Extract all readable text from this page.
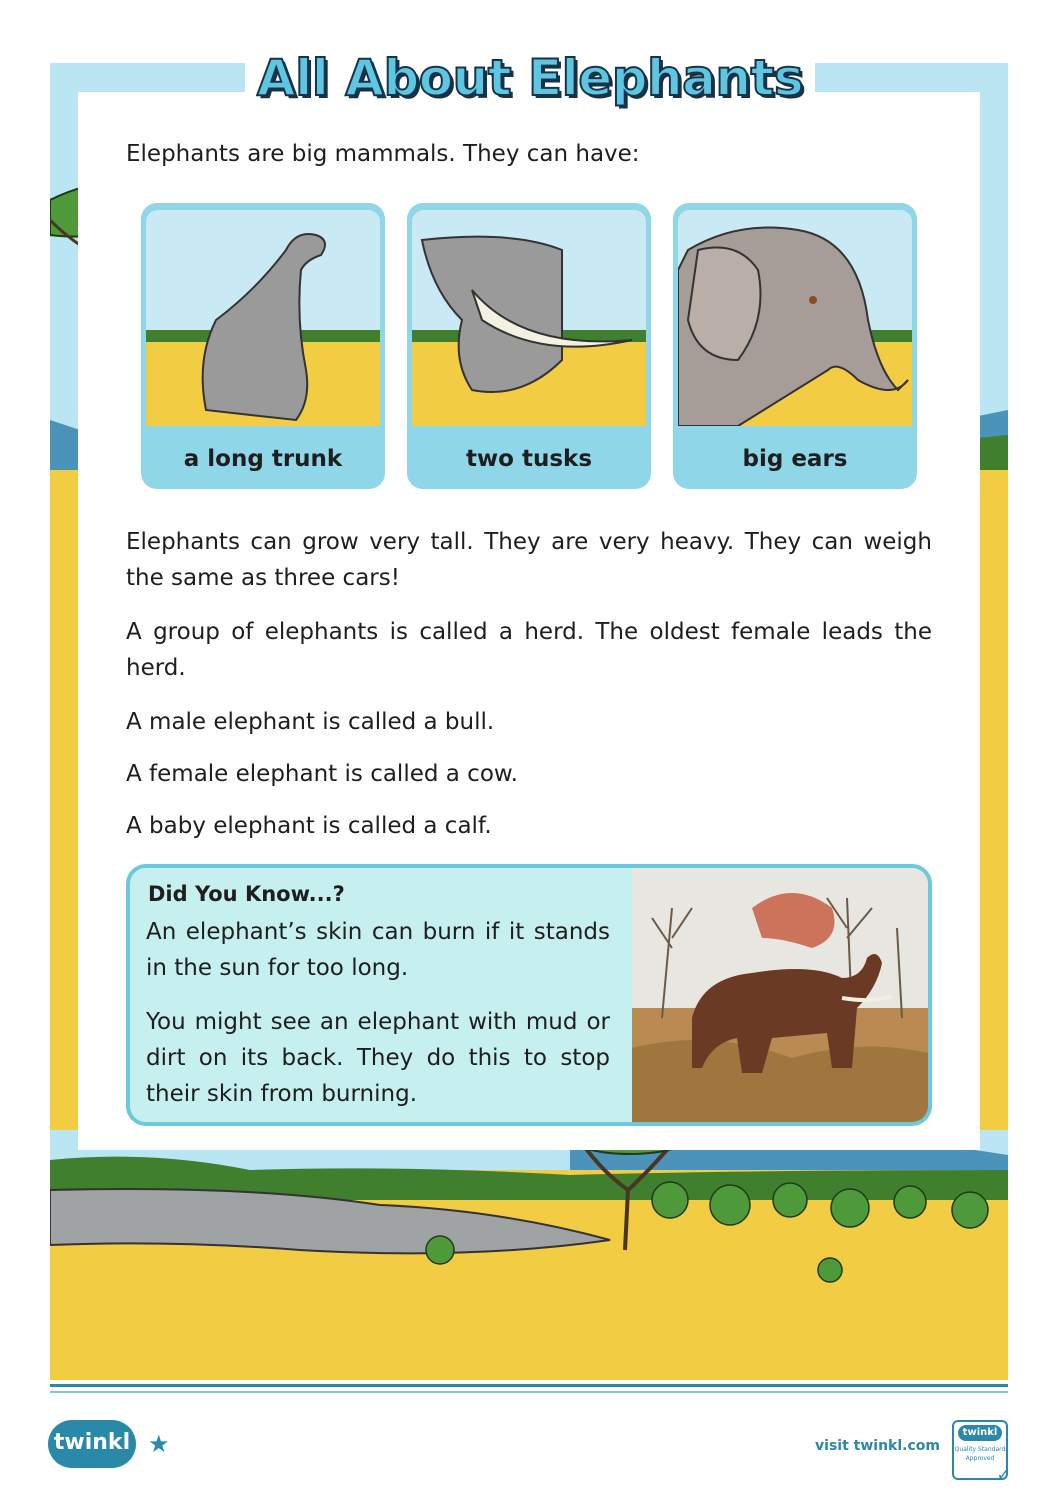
All About Elephants

Elephants are big mammals. They can have:

a long trunk	two tusks	big ears

Elephants can grow very tall. They are very heavy. They can weigh the same as three cars!

A group of elephants is called a herd. The oldest female leads the herd.

A male elephant is called a bull.

A female elephant is called a cow.

A baby elephant is called a calf.

Did You Know...?

An elephant’s skin can burn if it stands in the sun for too long.

You might see an elephant with mud or dirt on its back. They do this to stop their skin from burning.

twinkl ★	visit twinkl.com
twinkl
Quality Standard
Approved
✓
